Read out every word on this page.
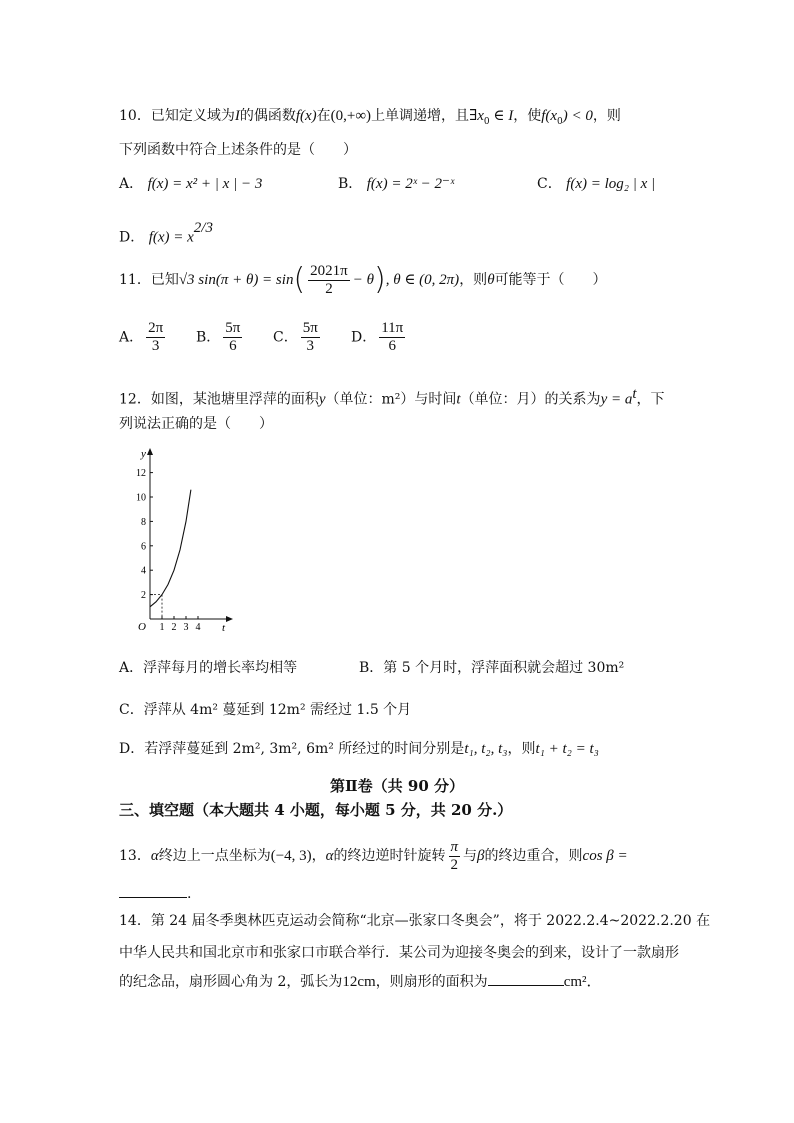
10．已知定义域为I的偶函数f(x)在(0,+∞)上单调递增，且$\exists x_0$ ∈ I，使$f(x_0) < 0$，则
下列函数中符合上述条件的是（　　）
A． f(x) = x² + | x | − 3	B． f(x) = 2ˣ − 2⁻ˣ	C． f(x) = log₂ | x |
D． $f(x) = x^{2/3}$
11．已知√3 $\sin(\pi + \theta) = \sin( \frac{2021\pi}{2} - \theta)$, θ ∈ (0, 2π)，则θ可能等于（　　）
A． $\frac{2\pi}{3}$ B． $\frac{5\pi}{6}$ C． $\frac{5\pi}{3}$ D． $\frac{11\pi}{6}$
12．如图，某池塘里浮萍的面积y（单位：m²）与时间t（单位：月）的关系为$y = a^t$，下
列说法正确的是（　　）
y
t
O
2
4
6
8
10
12
1 2 3 4
A．浮萍每月的增长率均相等	B．第 5 个月时，浮萍面积就会超过 30m²
C．浮萍从 4m² 蔓延到 12m² 需经过 1.5 个月
D．若浮萍蔓延到 2m², 3m², 6m² 所经过的时间分别是t₁, t₂, t₃，则t₁ + t₂ = t₃
第Ⅱ卷（共 90 分）
三、填空题（本大题共 4 小题，每小题 5 分，共 20 分.）
13．α终边上一点坐标为(−4, 3)，α的终边逆时针旋转 $\frac{\pi}{2}$ 与β的终边重合，则cos β =
.
14．第 24 届冬季奥林匹克运动会简称“北京—张家口冬奥会”，将于 2022.2.4~2022.2.20 在
中华人民共和国北京市和张家口市联合举行．某公司为迎接冬奥会的到来，设计了一款扇形
的纪念品，扇形圆心角为 2，弧长为12cm，则扇形的面积为	cm²．
